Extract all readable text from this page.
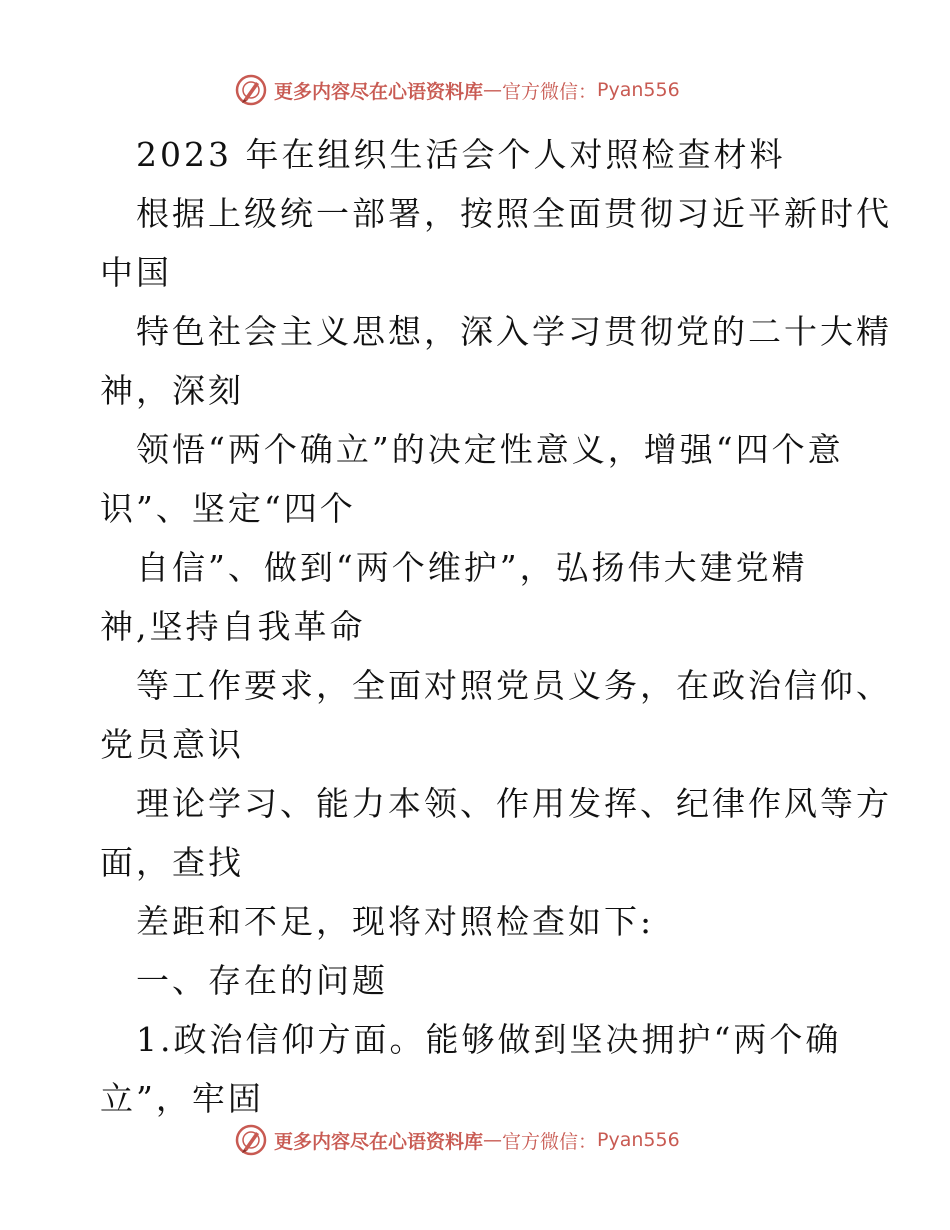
更多内容尽在心语资料库 — 官方微信： Pyan556
2023 年在组织生活会个人对照检查材料
根据上级统一部署，按照全面贯彻习近平新时代
中国
特色社会主义思想，深入学习贯彻党的二十大精
神，深刻
领悟“两个确立”的决定性意义，增强“四个意
识”、坚定“四个
自信”、做到“两个维护”，弘扬伟大建党精
神,坚持自我革命
等工作要求，全面对照党员义务，在政治信仰、
党员意识
理论学习、能力本领、作用发挥、纪律作风等方
面，查找
差距和不足，现将对照检查如下:
一、存在的问题
1.政治信仰方面。能够做到坚决拥护“两个确
立”，牢固
更多内容尽在心语资料库 — 官方微信： Pyan556
